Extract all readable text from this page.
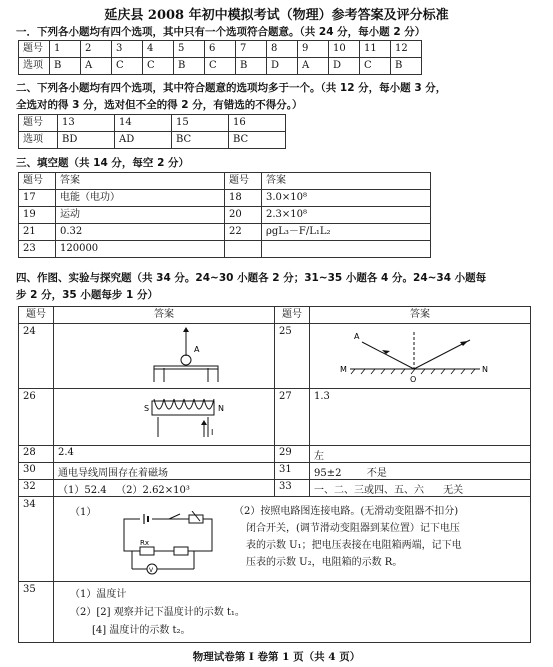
延庆县 2008 年初中模拟考试（物理）参考答案及评分标准
一．下列各小题均有四个选项，其中只有一个选项符合题意。（共 24 分，每小题 2 分）
题号	1	2	3	4	5	6	7	8	9	10	11	12
选项	B	A	C	C	B	C	B	D	A	D	C	B
二、下列各小题均有四个选项，其中符合题意的选项均多于一个。（共 12 分，每小题 3 分，
全选对的得 3 分，选对但不全的得 2 分，有错选的不得分。）
题号	13	14	15	16
选项	BD	AD	BC	BC
三、填空题（共 14 分，每空 2 分）
题号	答案	题号	答案
17	电能（电功）	18	3.0×10⁸
19	运动	20	2.3×10⁸
21	0.32	22	ρgL₃－F/L₁L₂
23	120000		
四、作图、实验与探究题（共 34 分。24~30 小题各 2 分；31~35 小题各 4 分。24~34 小题每
步 2 分，35 小题每步 1 分）
题号	答案	题号	答案
24
A
25	A
M
O
N
26
S	N
I
27	1.3
28	2.4	29	左
30	通电导线周围存在着磁场	31	95±2        不是
32	（1）52.4   （2）2.62×10³	33	一、二、三或四、五、六      无关
34
（1）
Rx
V
（2）按照电路图连接电路。(无滑动变阻器不扣分)
闭合开关，(调节滑动变阻器到某位置）记下电压
表的示数 U₁；把电压表接在电阻箱两端，记下电
压表的示数 U₂，电阻箱的示数 R。
35	（1）温度计
（2）[2] 观察并记下温度计的示数 t₁。
[4] 温度计的示数 t₂。
物理试卷第 I 卷第 1 页（共 4 页）
